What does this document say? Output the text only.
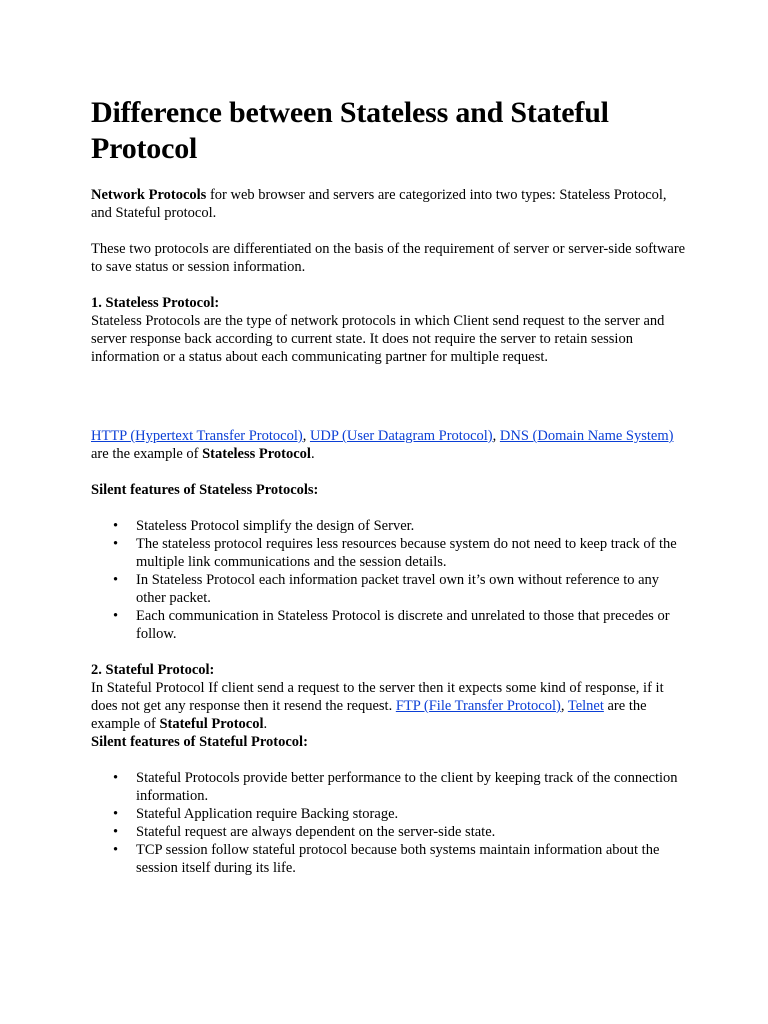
Difference between Stateless and Stateful Protocol

Network Protocols for web browser and servers are categorized into two types: Stateless Protocol, and Stateful protocol.

These two protocols are differentiated on the basis of the requirement of server or server-side software to save status or session information.

1. Stateless Protocol:

Stateless Protocols are the type of network protocols in which Client send request to the server and server response back according to current state. It does not require the server to retain session information or a status about each communicating partner for multiple request.

HTTP (Hypertext Transfer Protocol), UDP (User Datagram Protocol), DNS (Domain Name System) are the example of Stateless Protocol.

Silent features of Stateless Protocols:

• Stateless Protocol simplify the design of Server.
• The stateless protocol requires less resources because system do not need to keep track of the multiple link communications and the session details.
• In Stateless Protocol each information packet travel own it’s own without reference to any other packet.
• Each communication in Stateless Protocol is discrete and unrelated to those that precedes or follow.

2. Stateful Protocol:

In Stateful Protocol If client send a request to the server then it expects some kind of response, if it does not get any response then it resend the request. FTP (File Transfer Protocol), Telnet are the example of Stateful Protocol.

Silent features of Stateful Protocol:

• Stateful Protocols provide better performance to the client by keeping track of the connection information.
• Stateful Application require Backing storage.
• Stateful request are always dependent on the server-side state.
• TCP session follow stateful protocol because both systems maintain information about the session itself during its life.
